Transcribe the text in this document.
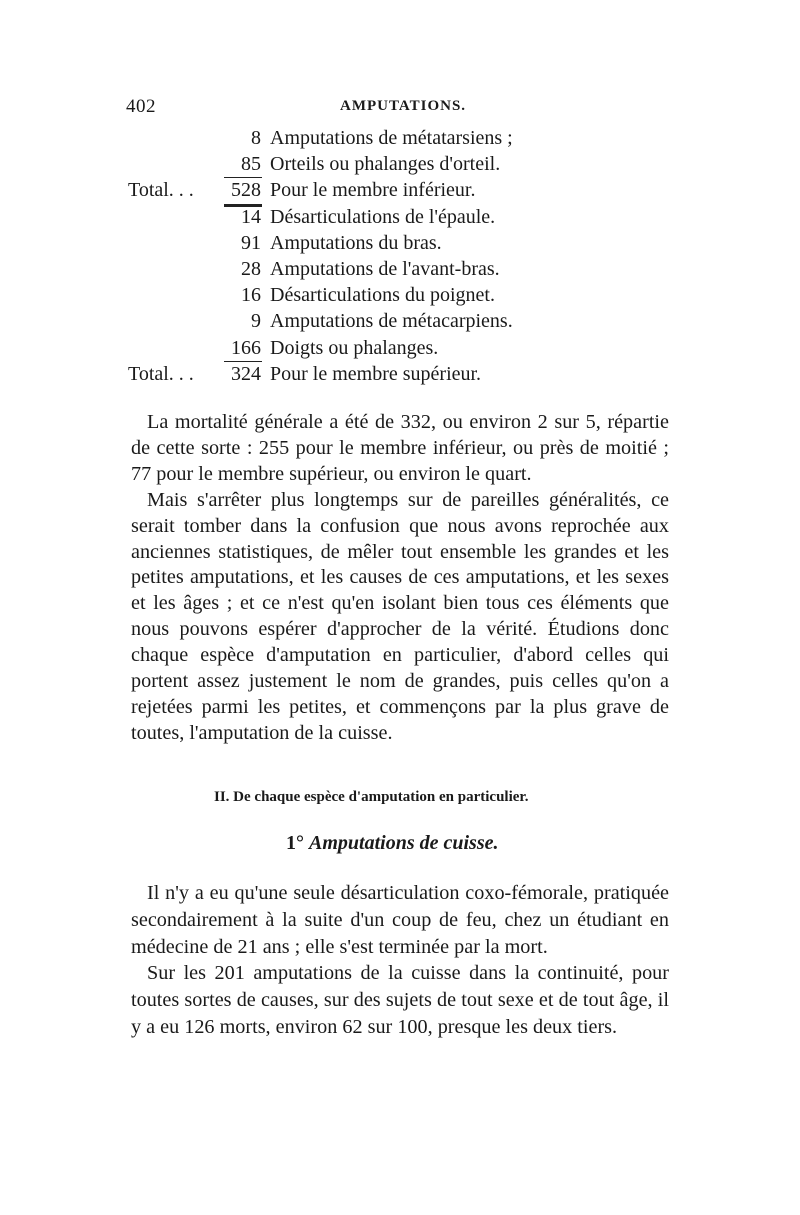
402	AMPUTATIONS.
8 Amputations de métatarsiens ;
85 Orteils ou phalanges d'orteil.
Total. . . 528 Pour le membre inférieur.
14 Désarticulations de l'épaule.
91 Amputations du bras.
28 Amputations de l'avant-bras.
16 Désarticulations du poignet.
9 Amputations de métacarpiens.
166 Doigts ou phalanges.
Total. . . 324 Pour le membre supérieur.

La mortalité générale a été de 332, ou environ 2 sur 5, répartie de cette sorte : 255 pour le membre inférieur, ou près de moitié ; 77 pour le membre supérieur, ou environ le quart.

Mais s'arrêter plus longtemps sur de pareilles généralités, ce serait tomber dans la confusion que nous avons reprochée aux anciennes statistiques, de mêler tout ensemble les grandes et les petites amputations, et les causes de ces amputations, et les sexes et les âges ; et ce n'est qu'en isolant bien tous ces éléments que nous pouvons espérer d'approcher de la vérité. Étudions donc chaque espèce d'amputation en particulier, d'abord celles qui portent assez justement le nom de grandes, puis celles qu'on a rejetées parmi les petites, et commençons par la plus grave de toutes, l'amputation de la cuisse.

II. De chaque espèce d'amputation en particulier.
1° Amputations de cuisse.

Il n'y a eu qu'une seule désarticulation coxo-fémorale, pratiquée secondairement à la suite d'un coup de feu, chez un étudiant en médecine de 21 ans ; elle s'est terminée par la mort.

Sur les 201 amputations de la cuisse dans la continuité, pour toutes sortes de causes, sur des sujets de tout sexe et de tout âge, il y a eu 126 morts, environ 62 sur 100, presque les deux tiers.
